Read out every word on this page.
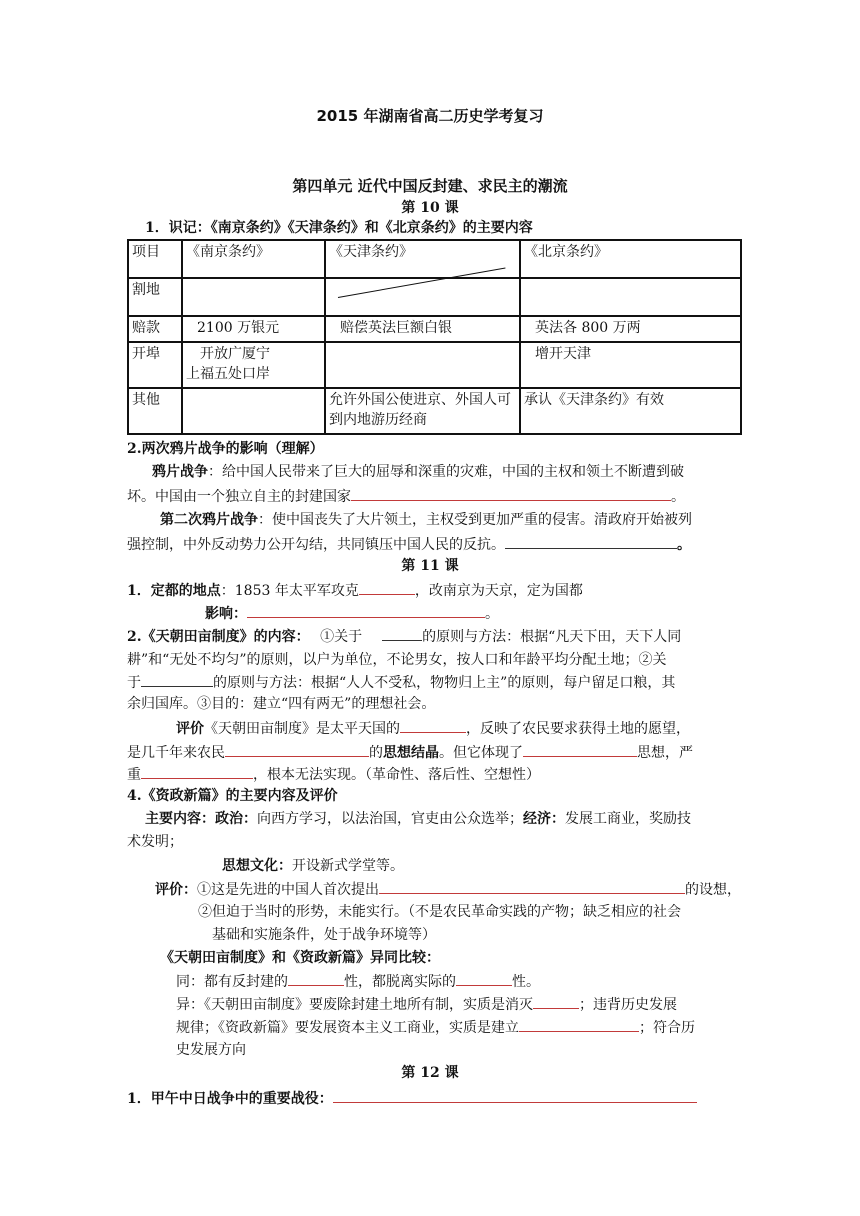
2015 年湖南省高二历史学考复习
第四单元 近代中国反封建、求民主的潮流
第 10 课
1．识记：《南京条约》《天津条约》和《北京条约》的主要内容
项目	《南京条约》	《天津条约》	《北京条约》
割地		

赔款	2100 万银元	赔偿英法巨额白银	英法各 800 万两
开埠	开放广厦宁
上福五处口岸		增开天津
其他		允许外国公使进京、外国人可
到内地游历经商	承认《天津条约》有效
2.两次鸦片战争的影响（理解）
鸦片战争：给中国人民带来了巨大的屈辱和深重的灾难，中国的主权和领土不断遭到破
坏。中国由一个独立自主的封建国家	。
第二次鸦片战争：使中国丧失了大片领土，主权受到更加严重的侵害。清政府开始被列
强控制，中外反动势力公开勾结，共同镇压中国人民的反抗。	。
第 11 课
1．定都的地点：1853 年太平军攻克	，改南京为天京，定为国都
影响：	。
2.《天朝田亩制度》的内容： ①关于	的原则与方法：根据“凡天下田，天下人同
耕”和“无处不均匀”的原则，以户为单位，不论男女，按人口和年龄平均分配土地；②关
于	的原则与方法：根据“人人不受私，物物归上主”的原则，每户留足口粮，其
余归国库。③目的：建立“四有两无”的理想社会。
评价《天朝田亩制度》是太平天国的	，反映了农民要求获得土地的愿望，
是几千年来农民	的思想结晶。但它体现了	思想，严
重	，根本无法实现。（革命性、落后性、空想性）
4.《资政新篇》的主要内容及评价
主要内容：政治：向西方学习，以法治国，官吏由公众选举；经济：发展工商业，奖励技
术发明；
思想文化：开设新式学堂等。
评价：①这是先进的中国人首次提出	的设想，
②但迫于当时的形势，未能实行。（不是农民革命实践的产物；缺乏相应的社会
基础和实施条件，处于战争环境等）
《天朝田亩制度》和《资政新篇》异同比较：
同：都有反封建的	性，都脱离实际的	性。
异：《天朝田亩制度》要废除封建土地所有制，实质是消灭	；违背历史发展
规律；《资政新篇》要发展资本主义工商业，实质是建立	；符合历
史发展方向
第 12 课
1．甲午中日战争中的重要战役：
